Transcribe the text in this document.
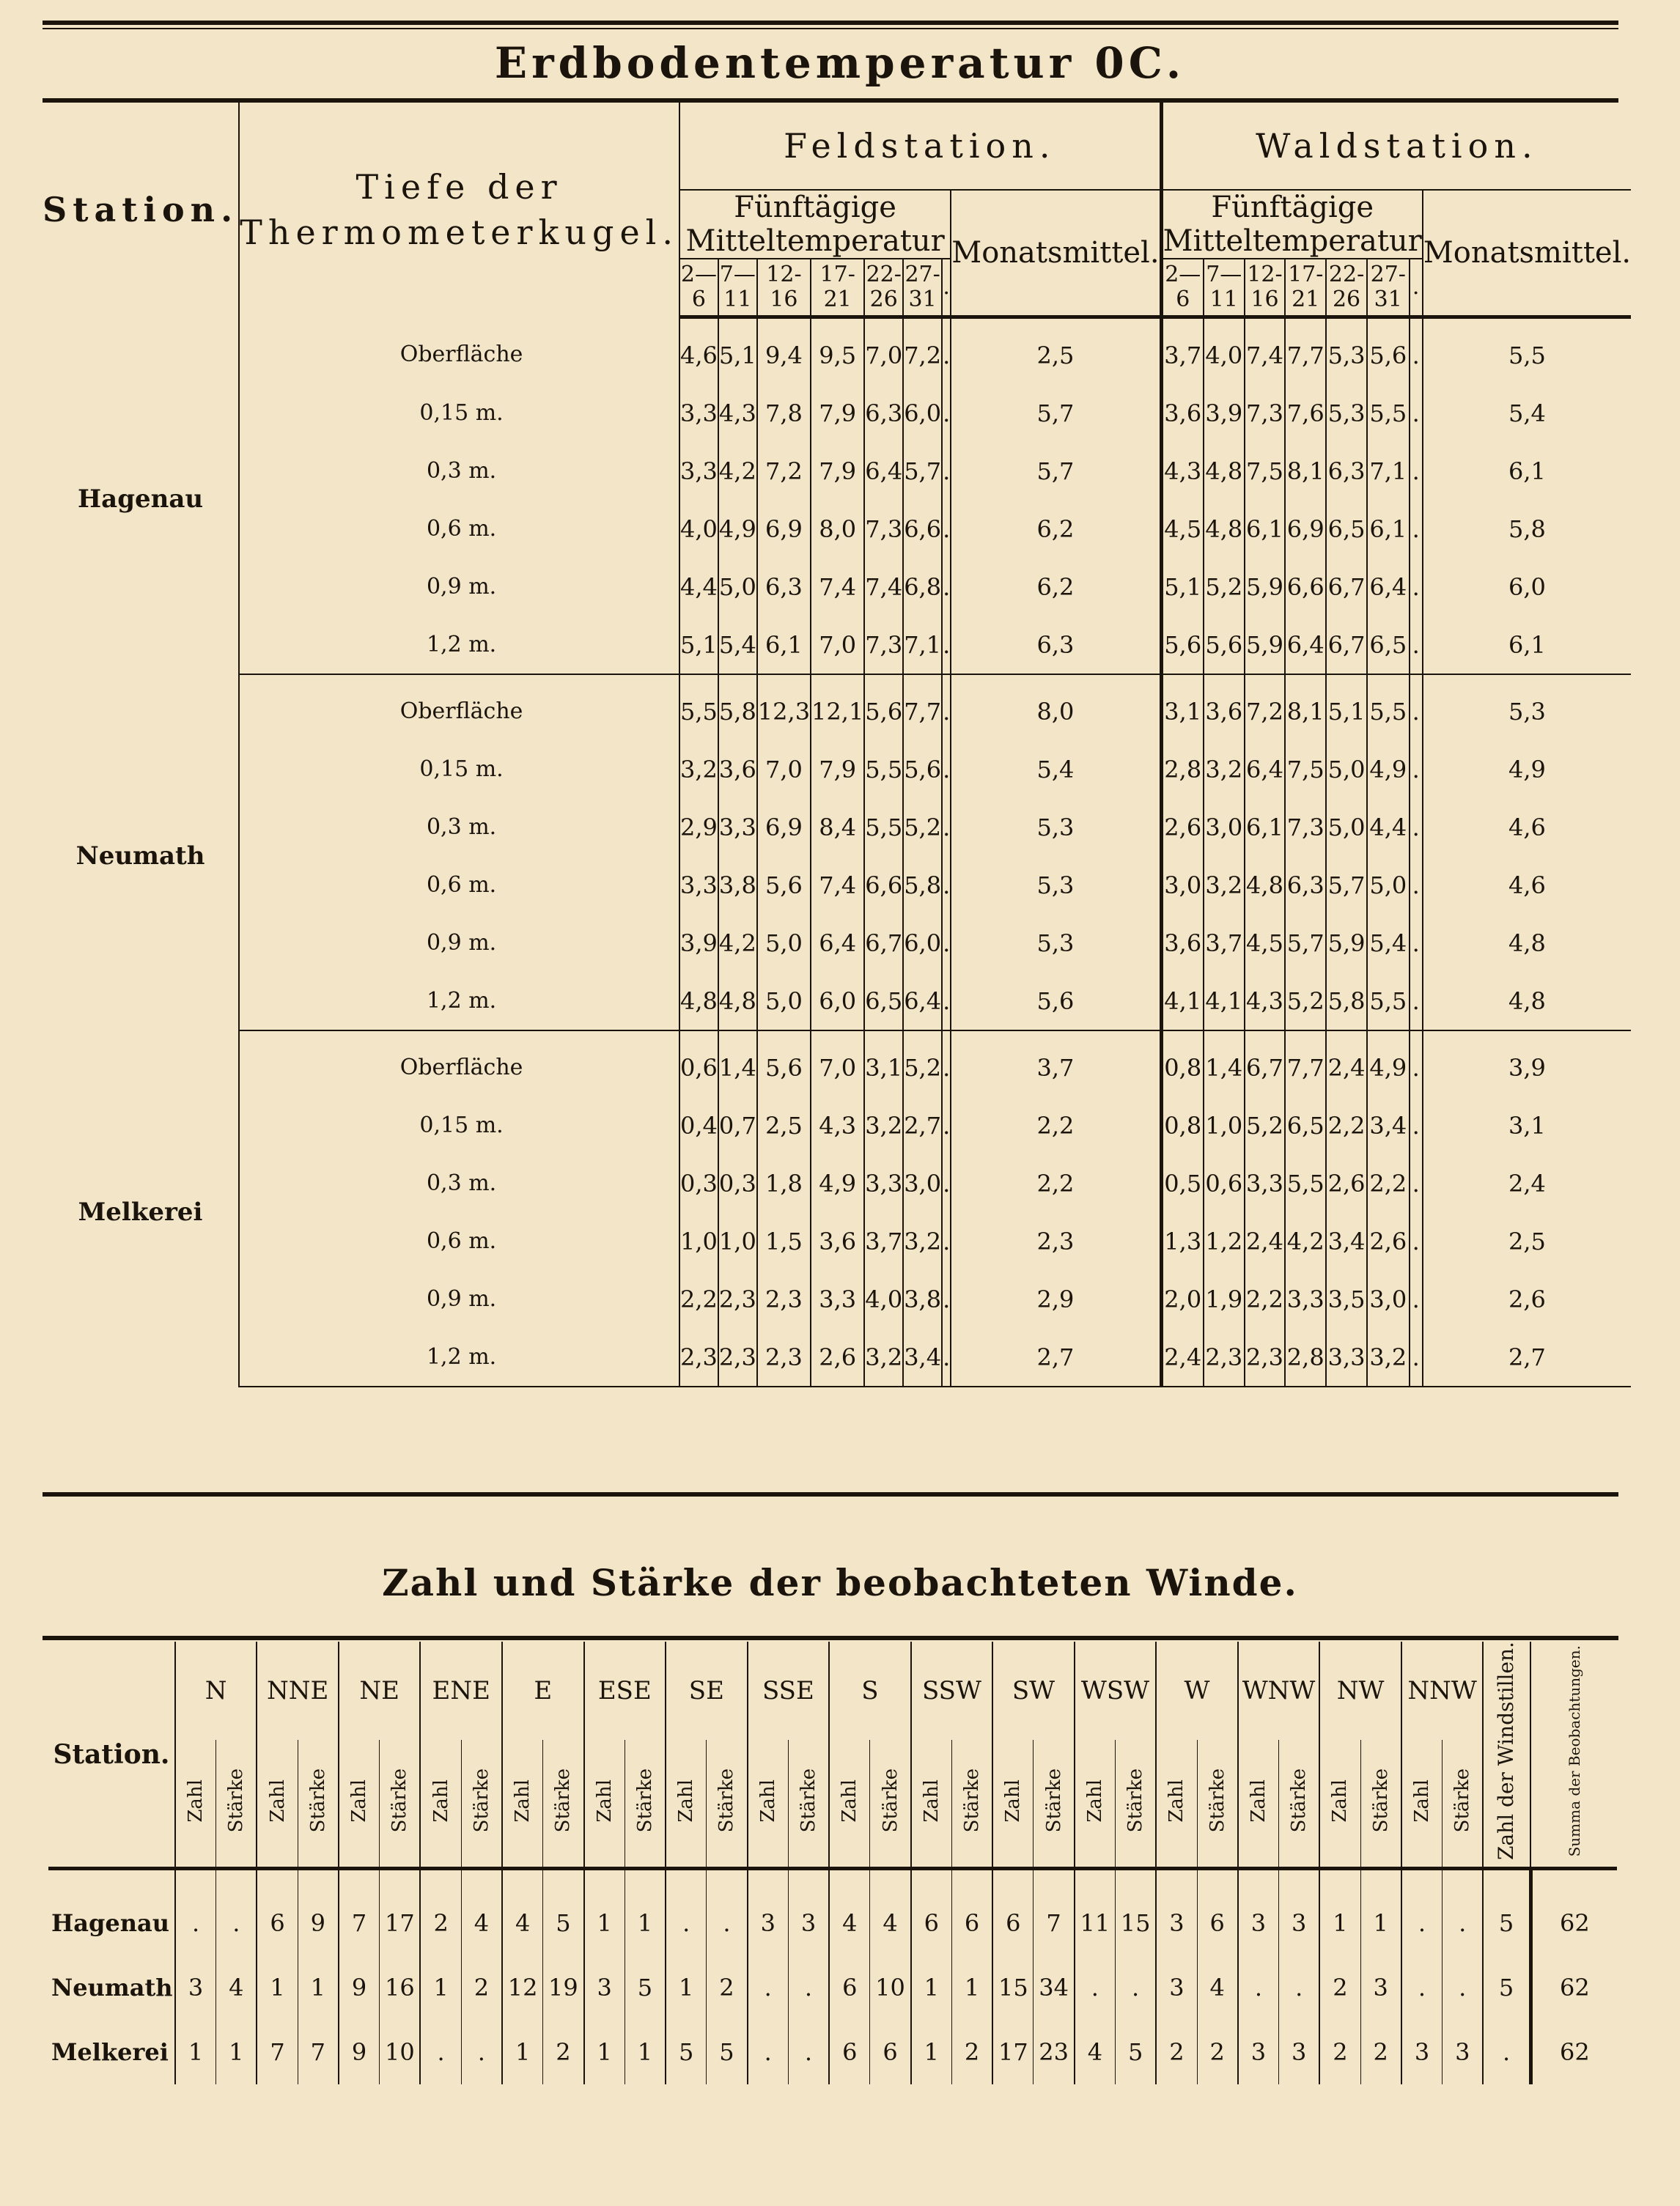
Erdbodentemperatur 0C.
Station.	Tiefe der Thermometerkugel.	Feldstation.								Waldstation.							
		Fünftägige Mitteltemperatur							Monatsmittel.	Fünftägige Mitteltemperatur							Monatsmittel.
		2—6	7—11	12-16	17-21	22-26	27-31	.		2—6	7—11	12-16	17-21	22-26	27-31	.	
Hagenau	Oberfläche	4,6	5,1	9,4	9,5	7,0	7,2	.	2,5	3,7	4,0	7,4	7,7	5,3	5,6	.	5,5
	0,15 m.	3,3	4,3	7,8	7,9	6,3	6,0	.	5,7	3,6	3,9	7,3	7,6	5,3	5,5	.	5,4
	0,3 m.	3,3	4,2	7,2	7,9	6,4	5,7	.	5,7	4,3	4,8	7,5	8,1	6,3	7,1	.	6,1
	0,6 m.	4,0	4,9	6,9	8,0	7,3	6,6	.	6,2	4,5	4,8	6,1	6,9	6,5	6,1	.	5,8
	0,9 m.	4,4	5,0	6,3	7,4	7,4	6,8	.	6,2	5,1	5,2	5,9	6,6	6,7	6,4	.	6,0
	1,2 m.	5,1	5,4	6,1	7,0	7,3	7,1	.	6,3	5,6	5,6	5,9	6,4	6,7	6,5	.	6,1
Neumath	Oberfläche	5,5	5,8	12,3	12,1	5,6	7,7	.	8,0	3,1	3,6	7,2	8,1	5,1	5,5	.	5,3
	0,15 m.	3,2	3,6	7,0	7,9	5,5	5,6	.	5,4	2,8	3,2	6,4	7,5	5,0	4,9	.	4,9
	0,3 m.	2,9	3,3	6,9	8,4	5,5	5,2	.	5,3	2,6	3,0	6,1	7,3	5,0	4,4	.	4,6
	0,6 m.	3,3	3,8	5,6	7,4	6,6	5,8	.	5,3	3,0	3,2	4,8	6,3	5,7	5,0	.	4,6
	0,9 m.	3,9	4,2	5,0	6,4	6,7	6,0	.	5,3	3,6	3,7	4,5	5,7	5,9	5,4	.	4,8
	1,2 m.	4,8	4,8	5,0	6,0	6,5	6,4	.	5,6	4,1	4,1	4,3	5,2	5,8	5,5	.	4,8
Melkerei	Oberfläche	0,6	1,4	5,6	7,0	3,1	5,2	.	3,7	0,8	1,4	6,7	7,7	2,4	4,9	.	3,9
	0,15 m.	0,4	0,7	2,5	4,3	3,2	2,7	.	2,2	0,8	1,0	5,2	6,5	2,2	3,4	.	3,1
	0,3 m.	0,3	0,3	1,8	4,9	3,3	3,0	.	2,2	0,5	0,6	3,3	5,5	2,6	2,2	.	2,4
	0,6 m.	1,0	1,0	1,5	3,6	3,7	3,2	.	2,3	1,3	1,2	2,4	4,2	3,4	2,6	.	2,5
	0,9 m.	2,2	2,3	2,3	3,3	4,0	3,8	.	2,9	2,0	1,9	2,2	3,3	3,5	3,0	.	2,6
	1,2 m.	2,3	2,3	2,3	2,6	3,2	3,4	.	2,7	2,4	2,3	2,3	2,8	3,3	3,2	.	2,7
Zahl und Stärke der beobachteten Winde.
Station.	N		NNE		NE		ENE		E		ESE		SE		SSE		S		SSW		SW		WSW		W		WNW		NW		NNW		Zahl der Windstillen.	Summa der Beobachtungen.
	Zahl	Stärke	Zahl	Stärke	Zahl	Stärke	Zahl	Stärke	Zahl	Stärke	Zahl	Stärke	Zahl	Stärke	Zahl	Stärke	Zahl	Stärke	Zahl	Stärke	Zahl	Stärke	Zahl	Stärke	Zahl	Stärke	Zahl	Stärke	Zahl	Stärke	Zahl	Stärke		
Hagenau	.	.	6	9	7	17	2	4	4	5	1	1	.	.	3	3	4	4	6	6	6	7	11	15	3	6	3	3	1	1	.	.	5	62
Neumath	3	4	1	1	9	16	1	2	12	19	3	5	1	2	.	.	6	10	1	1	15	34	.	.	3	4	.	.	2	3	.	.	5	62
Melkerei	1	1	7	7	9	10	.	.	1	2	1	1	5	5	.	.	6	6	1	2	17	23	4	5	2	2	3	3	2	2	3	3	.	62
